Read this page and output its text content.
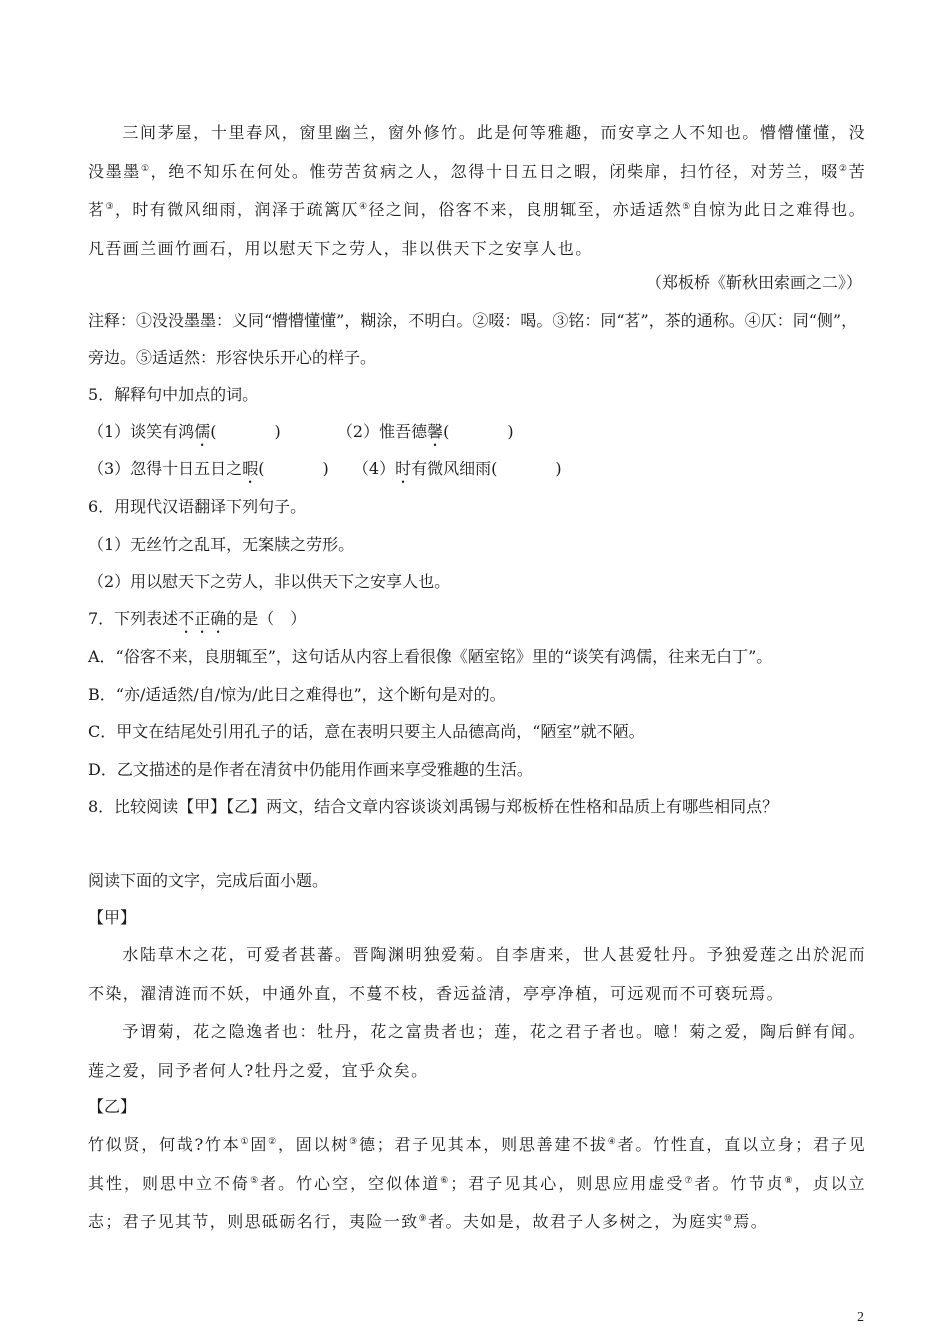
三间茅屋，十里春风，窗里幽兰，窗外修竹。此是何等雅趣，而安享之人不知也。懵懵懂懂，没没墨墨①，绝不知乐在何处。惟劳苦贫病之人，忽得十日五日之暇，闭柴扉，扫竹径，对芳兰，啜②苦茗③，时有微风细雨，润泽于疏篱仄④径之间，俗客不来，良朋辄至，亦适适然⑤自惊为此日之难得也。凡吾画兰画竹画石，用以慰天下之劳人，非以供天下之安享人也。
（郑板桥《靳秋田索画之二》）
注释：①没没墨墨：义同“懵懵懂懂”，糊涂，不明白。②啜：喝。③铭：同“茗”，茶的通称。④仄：同“侧”，
旁边。⑤适适然：形容快乐开心的样子。
5．解释句中加点的词。
（1）谈笑有鸿儒(	)	（2）惟吾德馨(	)
（3）忽得十日五日之暇(	) （4）时有微风细雨(	)
6．用现代汉语翻译下列句子。
（1）无丝竹之乱耳，无案牍之劳形。
（2）用以慰天下之劳人，非以供天下之安享人也。
7．下列表述不正确的是（　）
A．“俗客不来，良朋辄至”，这句话从内容上看很像《陋室铭》里的“谈笑有鸿儒，往来无白丁”。
B．“亦/适适然/自/惊为/此日之难得也”，这个断句是对的。
C．甲文在结尾处引用孔子的话，意在表明只要主人品德高尚，“陋室”就不陋。
D．乙文描述的是作者在清贫中仍能用作画来享受雅趣的生活。
8．比较阅读【甲】【乙】两文，结合文章内容谈谈刘禹锡与郑板桥在性格和品质上有哪些相同点？
阅读下面的文字，完成后面小题。
【甲】
水陆草木之花，可爱者甚蕃。晋陶渊明独爱菊。自李唐来，世人甚爱牡丹。予独爱莲之出於泥而不染，濯清涟而不妖，中通外直，不蔓不枝，香远益清，亭亭净植，可远观而不可亵玩焉。
予谓菊，花之隐逸者也：牡丹，花之富贵者也；莲，花之君子者也。噫！菊之爱，陶后鲜有闻。莲之爱，同予者何人?牡丹之爱，宜乎众矣。
【乙】
竹似贤，何哉?竹本①固②，固以树③德；君子见其本，则思善建不拔④者。竹性直，直以立身；君子见其性，则思中立不倚⑤者。竹心空，空似体道⑥；君子见其心，则思应用虚受⑦者。竹节贞⑧，贞以立志；君子见其节，则思砥砺名行，夷险一致⑨者。夫如是，故君子人多树之，为庭实⑩焉。
2
